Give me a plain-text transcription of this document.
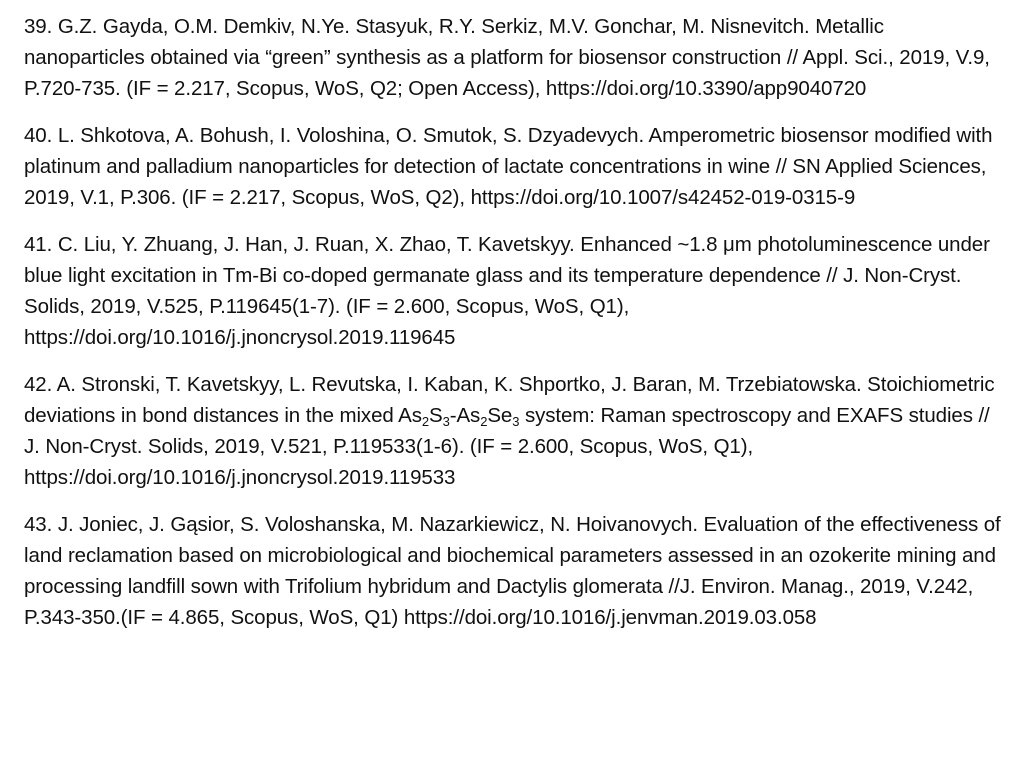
39. G.Z. Gayda, O.M. Demkiv, N.Ye. Stasyuk, R.Y. Serkiz, M.V. Gonchar, M. Nisnevitch. Metallic nanoparticles obtained via “green” synthesis as a platform for biosensor construction // Appl. Sci., 2019, V.9, P.720-735. (IF = 2.217, Scopus, WoS, Q2; Open Access), https://doi.org/10.3390/app9040720

40. L. Shkotova, A. Bohush, I. Voloshina, O. Smutok, S. Dzyadevych. Amperometric biosensor modified with platinum and palladium nanoparticles for detection of lactate concentrations in wine // SN Applied Sciences, 2019, V.1, P.306. (IF = 2.217, Scopus, WoS, Q2), https://doi.org/10.1007/s42452-019-0315-9

41. C. Liu, Y. Zhuang, J. Han, J. Ruan, X. Zhao, T. Kavetskyy. Enhanced ~1.8 μm photoluminescence under blue light excitation in Tm-Bi co-doped germanate glass and its temperature dependence // J. Non-Cryst. Solids, 2019, V.525, P.119645(1-7). (IF = 2.600, Scopus, WoS, Q1), https://doi.org/10.1016/j.jnoncrysol.2019.119645

42. A. Stronski, T. Kavetskyy, L. Revutska, I. Kaban, K. Shportko, J. Baran, M. Trzebiatowska. Stoichiometric deviations in bond distances in the mixed $As_2S_3-As_2Se_3$ system: Raman spectroscopy and EXAFS studies // J. Non-Cryst. Solids, 2019, V.521, P.119533(1-6). (IF = 2.600, Scopus, WoS, Q1), https://doi.org/10.1016/j.jnoncrysol.2019.119533

43. J. Joniec, J. Gąsior, S. Voloshanska, M. Nazarkiewicz, N. Hoivanovych. Evaluation of the effectiveness of land reclamation based on microbiological and biochemical parameters assessed in an ozokerite mining and processing landfill sown with Trifolium hybridum and Dactylis glomerata //J. Environ. Manag., 2019, V.242, P.343-350.(IF = 4.865, Scopus, WoS, Q1) https://doi.org/10.1016/j.jenvman.2019.03.058
